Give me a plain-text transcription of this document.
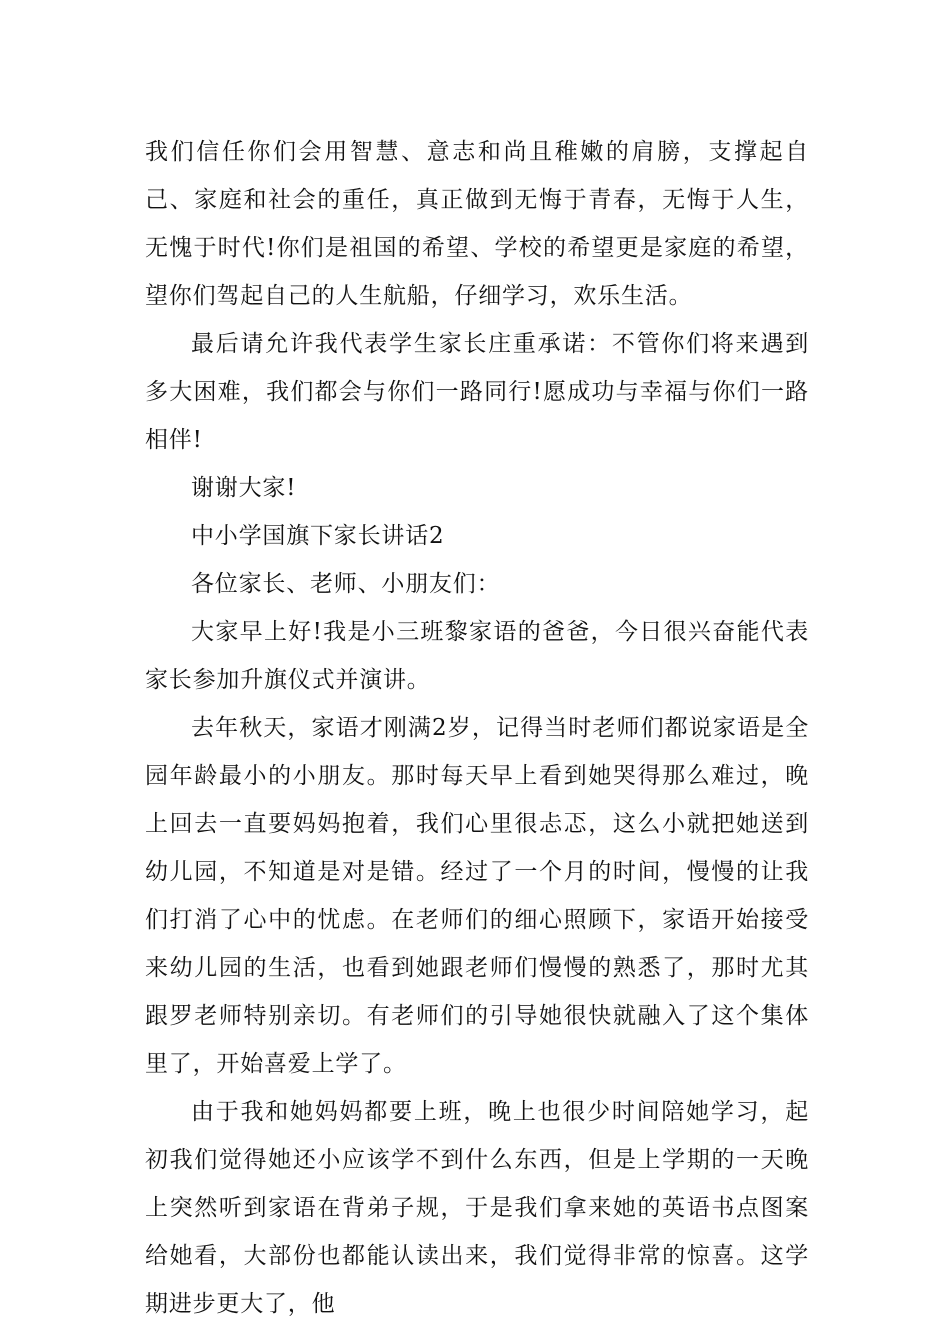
我们信任你们会用智慧、意志和尚且稚嫩的肩膀，支撑起自己、家庭和社会的重任，真正做到无悔于青春，无悔于人生，无愧于时代!你们是祖国的希望、学校的希望更是家庭的希望，望你们驾起自己的人生航船，仔细学习，欢乐生活。

最后请允许我代表学生家长庄重承诺：不管你们将来遇到多大困难，我们都会与你们一路同行!愿成功与幸福与你们一路相伴!

谢谢大家!

中小学国旗下家长讲话2

各位家长、老师、小朋友们：

大家早上好!我是小三班黎家语的爸爸，今日很兴奋能代表家长参加升旗仪式并演讲。

去年秋天，家语才刚满2岁，记得当时老师们都说家语是全园年龄最小的小朋友。那时每天早上看到她哭得那么难过，晚上回去一直要妈妈抱着，我们心里很忐忑，这么小就把她送到幼儿园，不知道是对是错。经过了一个月的时间，慢慢的让我们打消了心中的忧虑。在老师们的细心照顾下，家语开始接受来幼儿园的生活，也看到她跟老师们慢慢的熟悉了，那时尤其跟罗老师特别亲切。有老师们的引导她很快就融入了这个集体里了，开始喜爱上学了。

由于我和她妈妈都要上班，晚上也很少时间陪她学习，起初我们觉得她还小应该学不到什么东西，但是上学期的一天晚上突然听到家语在背弟子规，于是我们拿来她的英语书点图案给她看，大部份也都能认读出来，我们觉得非常的惊喜。这学期进步更大了，他
